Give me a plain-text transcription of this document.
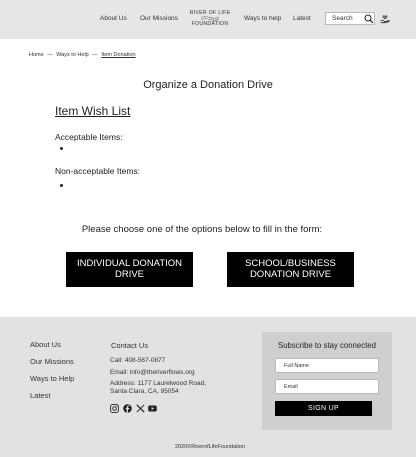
About Us Our Missions
RIVER OF LIFE
FOUNDATION
Ways to help Latest
Search
Home — Ways to Help — Item Donation
Organize a Donation Drive
Item Wish List
Acceptable Items:
Non-acceptable Items:
Please choose one of the options below to fill in the form:
INDIVIDUAL DONATION DRIVE
SCHOOL/BUSINESS DONATION DRIVE
About Us
Our Missions
Ways to Help
Latest
Contact Us
Call: 408-567-0877
Email: info@theriverflows.org
Address: 1177 Laurelwood Road,
Santa Clara, CA, 95054
Subscribe to stay connected
Full Name
Email
SIGN UP
2020©RiverofLifeFoundation
